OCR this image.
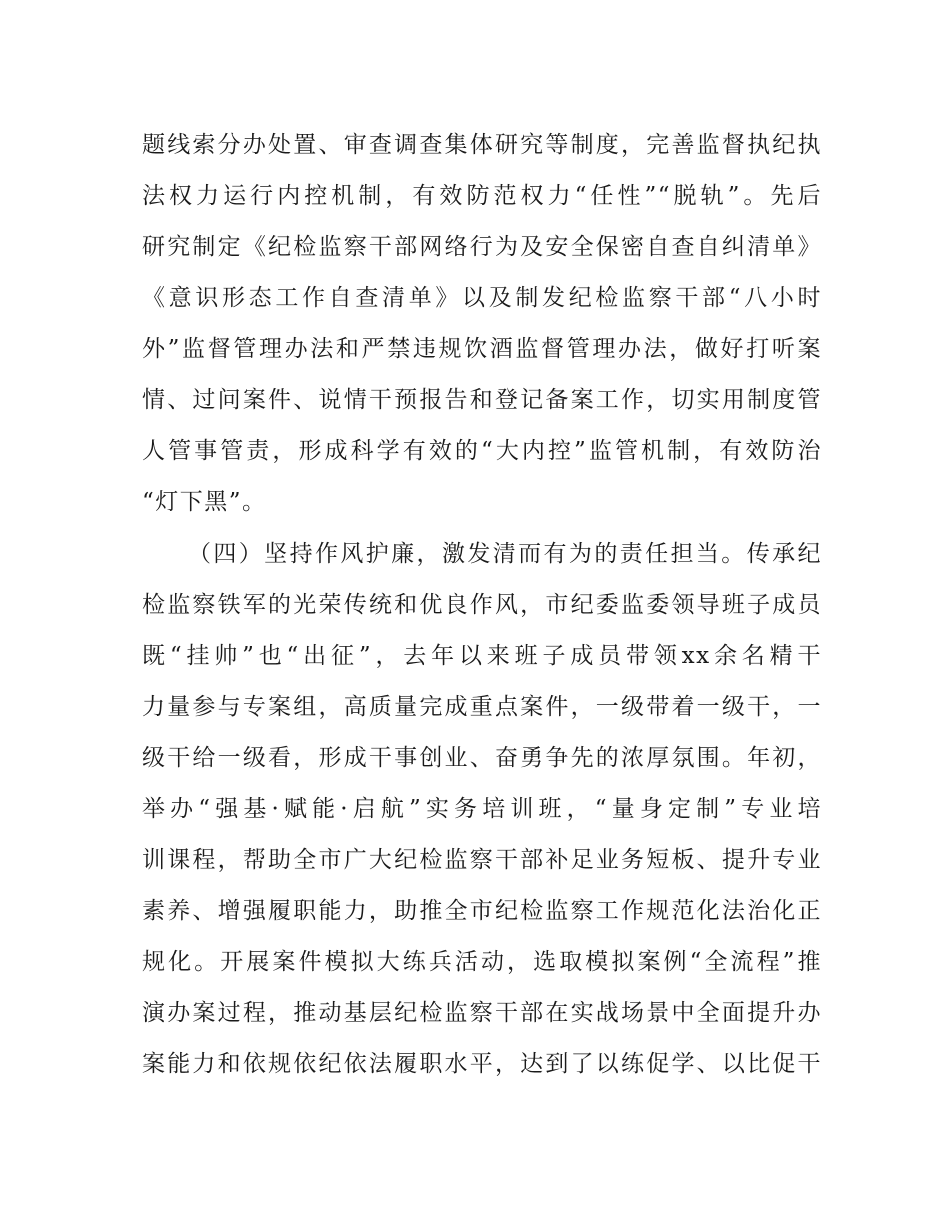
题线索分办处置、审查调查集体研究等制度，完善监督执纪执
法权力运行内控机制，有效防范权力“任性”“脱轨”。先后
研究制定《纪检监察干部网络行为及安全保密自查自纠清单》
《意识形态工作自查清单》以及制发纪检监察干部“八小时
外”监督管理办法和严禁违规饮酒监督管理办法，做好打听案
情、过问案件、说情干预报告和登记备案工作，切实用制度管
人管事管责，形成科学有效的“大内控”监管机制，有效防治
“灯下黑”。
（四）坚持作风护廉，激发清而有为的责任担当。传承纪
检监察铁军的光荣传统和优良作风，市纪委监委领导班子成员
既“挂帅”也“出征”，去年以来班子成员带领xx余名精干
力量参与专案组，高质量完成重点案件，一级带着一级干，一
级干给一级看，形成干事创业、奋勇争先的浓厚氛围。年初，
举办“强基·赋能·启航”实务培训班，“量身定制”专业培
训课程，帮助全市广大纪检监察干部补足业务短板、提升专业
素养、增强履职能力，助推全市纪检监察工作规范化法治化正
规化。开展案件模拟大练兵活动，选取模拟案例“全流程”推
演办案过程，推动基层纪检监察干部在实战场景中全面提升办
案能力和依规依纪依法履职水平，达到了以练促学、以比促干
